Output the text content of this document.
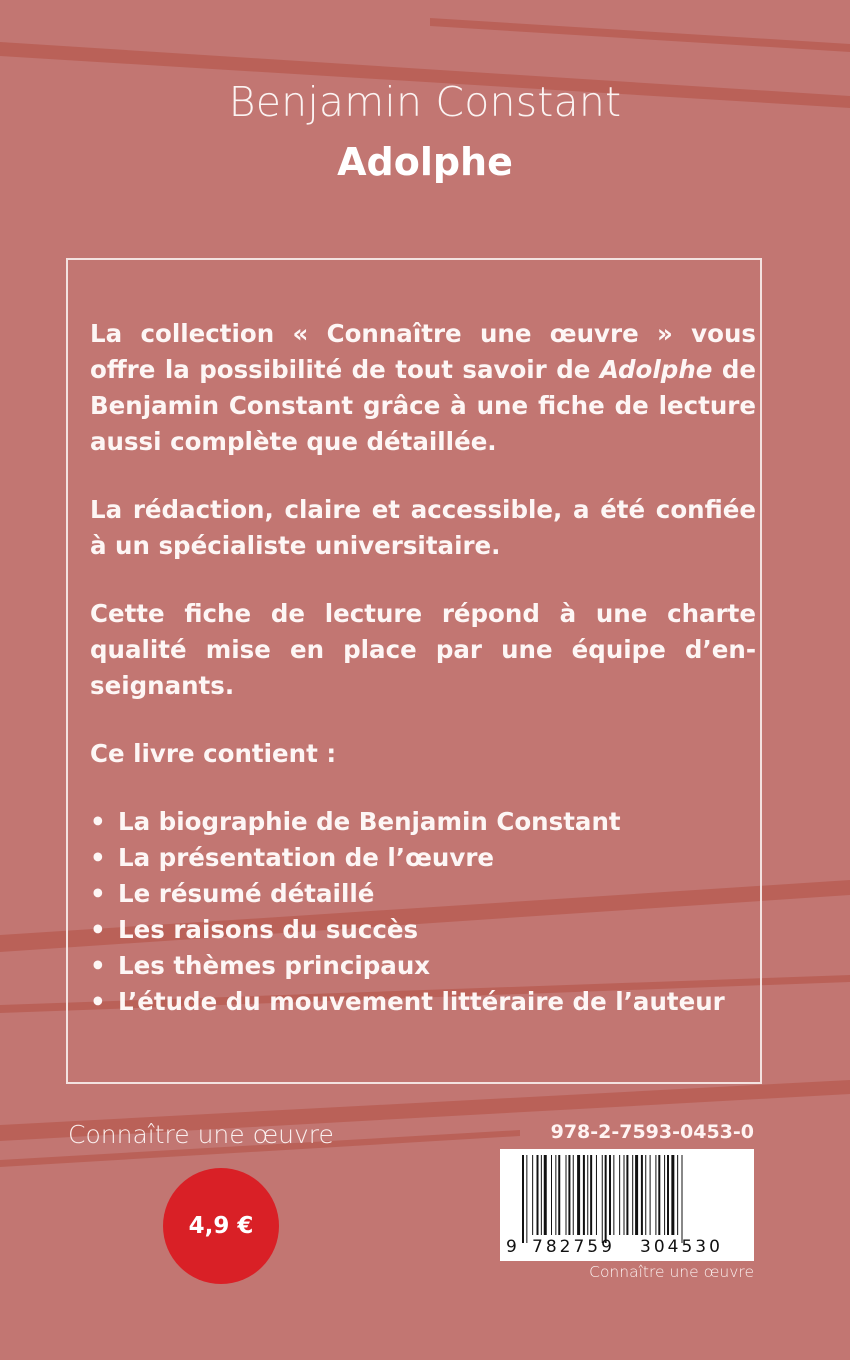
Benjamin Constant
Adolphe

La collection « Connaître une œuvre » vous offre la possibilité de tout savoir de Adolphe de Benjamin Constant grâce à une fiche de lecture aussi complète que détaillée.

La rédaction, claire et accessible, a été confiée à un spécialiste universitaire.

Cette fiche de lecture répond à une charte qualité mise en place par une équipe d’enseignants.

Ce livre contient :

• La biographie de Benjamin Constant
• La présentation de l’œuvre
• Le résumé détaillé
• Les raisons du succès
• Les thèmes principaux
• L’étude du mouvement littéraire de l’auteur
Connaître une œuvre
4,9 €
978-2-7593-0453-0
9 782759 304530
Connaître une œuvre
